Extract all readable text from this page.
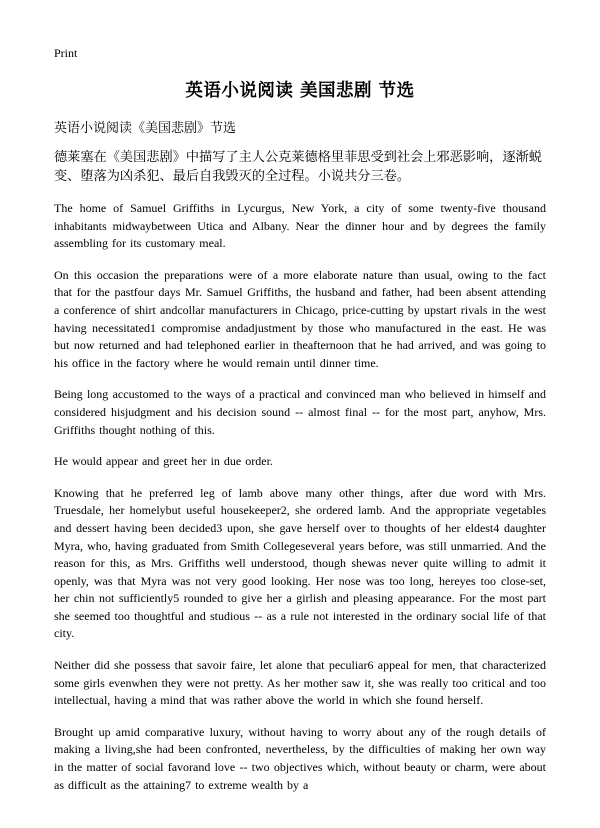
Print
英语小说阅读 美国悲剧 节选
英语小说阅读《美国悲剧》节选

德莱塞在《美国悲剧》中描写了主人公克莱德格里菲思受到社会上邪恶影响，逐渐蜕变、堕落为凶杀犯、最后自我毁灭的全过程。小说共分三卷。

The home of Samuel Griffiths in Lycurgus, New York, a city of some twenty-five thousand inhabitants midwaybetween Utica and Albany. Near the dinner hour and by degrees the family assembling for its customary meal.

On this occasion the preparations were of a more elaborate nature than usual, owing to the fact that for the pastfour days Mr. Samuel Griffiths, the husband and father, had been absent attending a conference of shirt andcollar manufacturers in Chicago, price-cutting by upstart rivals in the west having necessitated1 compromise andadjustment by those who manufactured in the east. He was but now returned and had telephoned earlier in theafternoon that he had arrived, and was going to his office in the factory where he would remain until dinner time.

Being long accustomed to the ways of a practical and convinced man who believed in himself and considered hisjudgment and his decision sound -- almost final -- for the most part, anyhow, Mrs. Griffiths thought nothing of this.

He would appear and greet her in due order.

Knowing that he preferred leg of lamb above many other things, after due word with Mrs. Truesdale, her homelybut useful housekeeper2, she ordered lamb. And the appropriate vegetables and dessert having been decided3 upon, she gave herself over to thoughts of her eldest4 daughter Myra, who, having graduated from Smith Collegeseveral years before, was still unmarried. And the reason for this, as Mrs. Griffiths well understood, though shewas never quite willing to admit it openly, was that Myra was not very good looking. Her nose was too long, hereyes too close-set, her chin not sufficiently5 rounded to give her a girlish and pleasing appearance. For the most part she seemed too thoughtful and studious -- as a rule not interested in the ordinary social life of that city.

Neither did she possess that savoir faire, let alone that peculiar6 appeal for men, that characterized some girls evenwhen they were not pretty. As her mother saw it, she was really too critical and too intellectual, having a mind that was rather above the world in which she found herself.

Brought up amid comparative luxury, without having to worry about any of the rough details of making a living,she had been confronted, nevertheless, by the difficulties of making her own way in the matter of social favorand love -- two objectives which, without beauty or charm, were about as difficult as the attaining7 to extreme wealth by a
